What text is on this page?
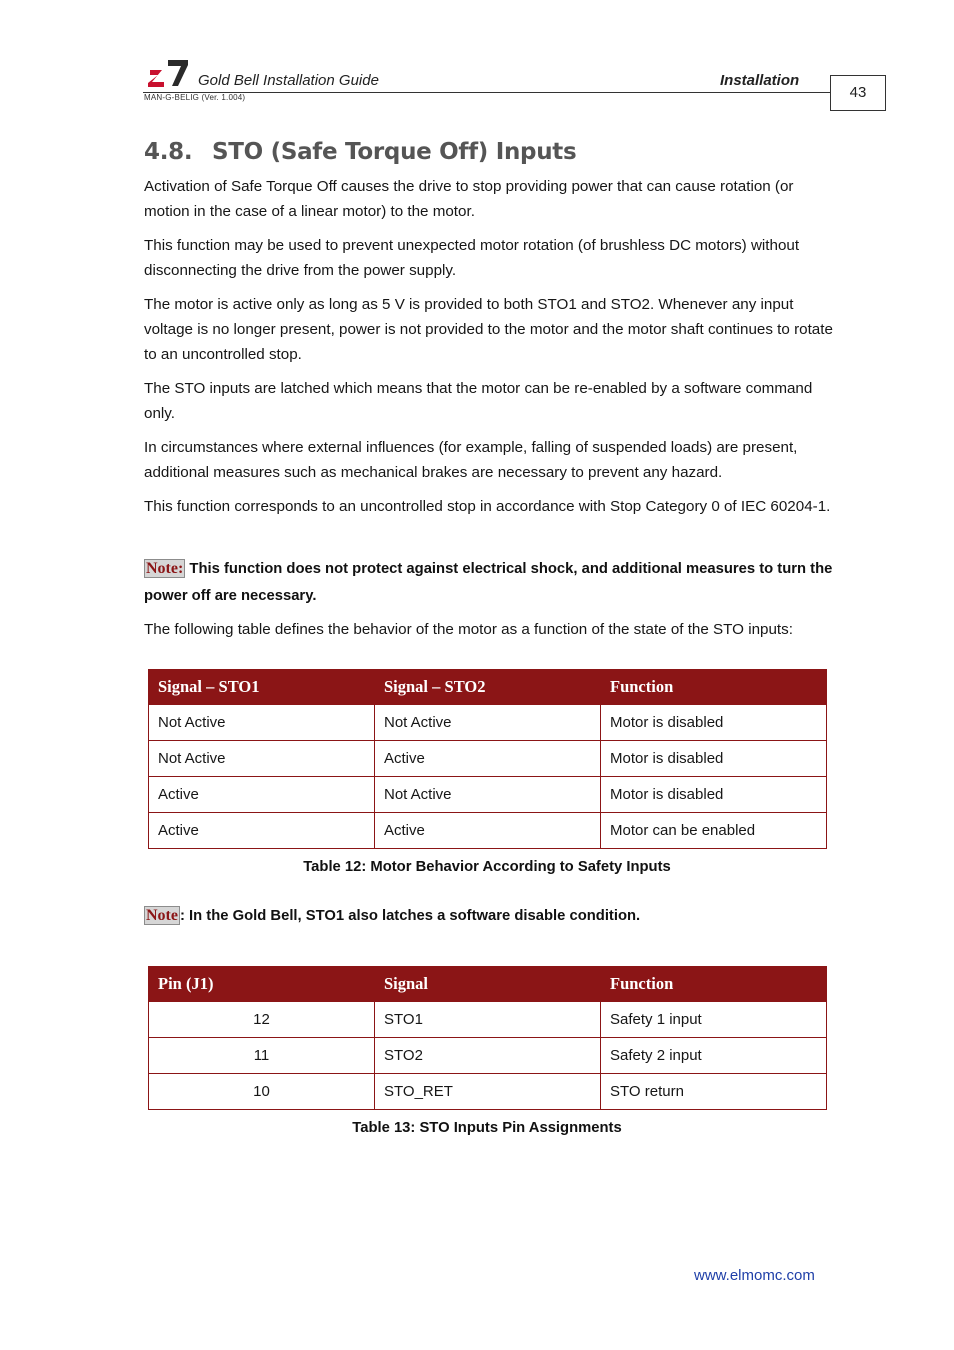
Gold Bell Installation Guide	Installation
MAN-G-BELIG (Ver. 1.004)	43
4.8. STO (Safe Torque Off) Inputs
Activation of Safe Torque Off causes the drive to stop providing power that can cause rotation (or motion in the case of a linear motor) to the motor.
This function may be used to prevent unexpected motor rotation (of brushless DC motors) without disconnecting the drive from the power supply.
The motor is active only as long as 5 V is provided to both STO1 and STO2. Whenever any input voltage is no longer present, power is not provided to the motor and the motor shaft continues to rotate to an uncontrolled stop.
The STO inputs are latched which means that the motor can be re-enabled by a software command only.
In circumstances where external influences (for example, falling of suspended loads) are present, additional measures such as mechanical brakes are necessary to prevent any hazard.
This function corresponds to an uncontrolled stop in accordance with Stop Category 0 of IEC 60204-1.
Note: This function does not protect against electrical shock, and additional measures to turn the power off are necessary.
The following table defines the behavior of the motor as a function of the state of the STO inputs:
Signal – STO1	Signal – STO2	Function
Not Active	Not Active	Motor is disabled
Not Active	Active	Motor is disabled
Active	Not Active	Motor is disabled
Active	Active	Motor can be enabled
Table 12: Motor Behavior According to Safety Inputs
Note : In the Gold Bell, STO1 also latches a software disable condition.
Pin (J1)	Signal	Function
12	STO1	Safety 1 input
11	STO2	Safety 2 input
10	STO_RET	STO return
Table 13: STO Inputs Pin Assignments
www.elmomc.com
